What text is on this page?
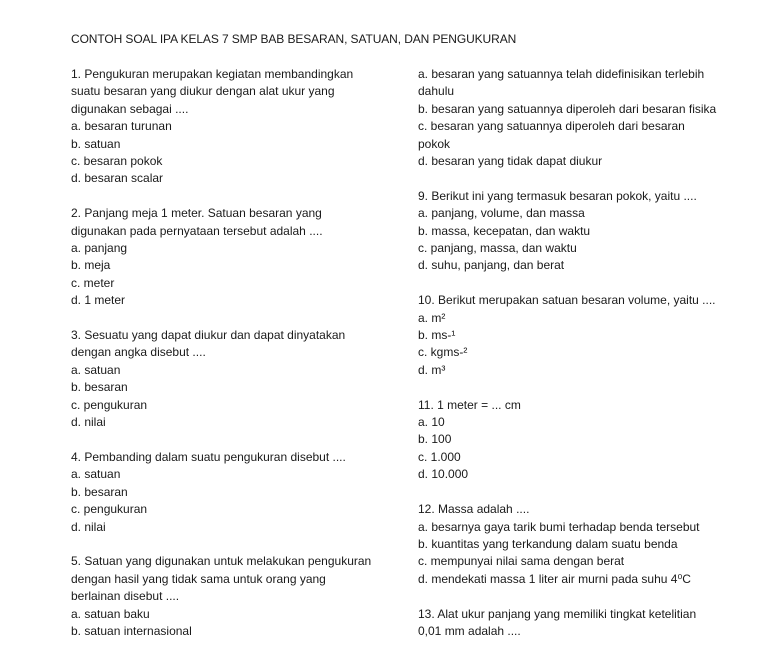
CONTOH SOAL IPA KELAS 7 SMP BAB BESARAN, SATUAN, DAN PENGUKURAN
1. Pengukuran merupakan kegiatan membandingkan
suatu besaran yang diukur dengan alat ukur yang
digunakan sebagai ....
a. besaran turunan
b. satuan
c. besaran pokok
d. besaran scalar
2. Panjang meja 1 meter. Satuan besaran yang
digunakan pada pernyataan tersebut adalah ....
a. panjang
b. meja
c. meter
d. 1 meter
3. Sesuatu yang dapat diukur dan dapat dinyatakan
dengan angka disebut ....
a. satuan
b. besaran
c. pengukuran
d. nilai
4. Pembanding dalam suatu pengukuran disebut ....
a. satuan
b. besaran
c. pengukuran
d. nilai
5. Satuan yang digunakan untuk melakukan pengukuran
dengan hasil yang tidak sama untuk orang yang
berlainan disebut ....
a. satuan baku
b. satuan internasional
a. besaran yang satuannya telah didefinisikan terlebih
dahulu
b. besaran yang satuannya diperoleh dari besaran fisika
c. besaran yang satuannya diperoleh dari besaran
pokok
d. besaran yang tidak dapat diukur
9. Berikut ini yang termasuk besaran pokok, yaitu ....
a. panjang, volume, dan massa
b. massa, kecepatan, dan waktu
c. panjang, massa, dan waktu
d. suhu, panjang, dan berat
10. Berikut merupakan satuan besaran volume, yaitu ....
a. m²
b. ms-¹
c. kgms-²
d. m³
11. 1 meter = ... cm
a. 10
b. 100
c. 1.000
d. 10.000
12. Massa adalah ....
a. besarnya gaya tarik bumi terhadap benda tersebut
b. kuantitas yang terkandung dalam suatu benda
c. mempunyai nilai sama dengan berat
d. mendekati massa 1 liter air murni pada suhu 4⁰C
13. Alat ukur panjang yang memiliki tingkat ketelitian
0,01 mm adalah ....
